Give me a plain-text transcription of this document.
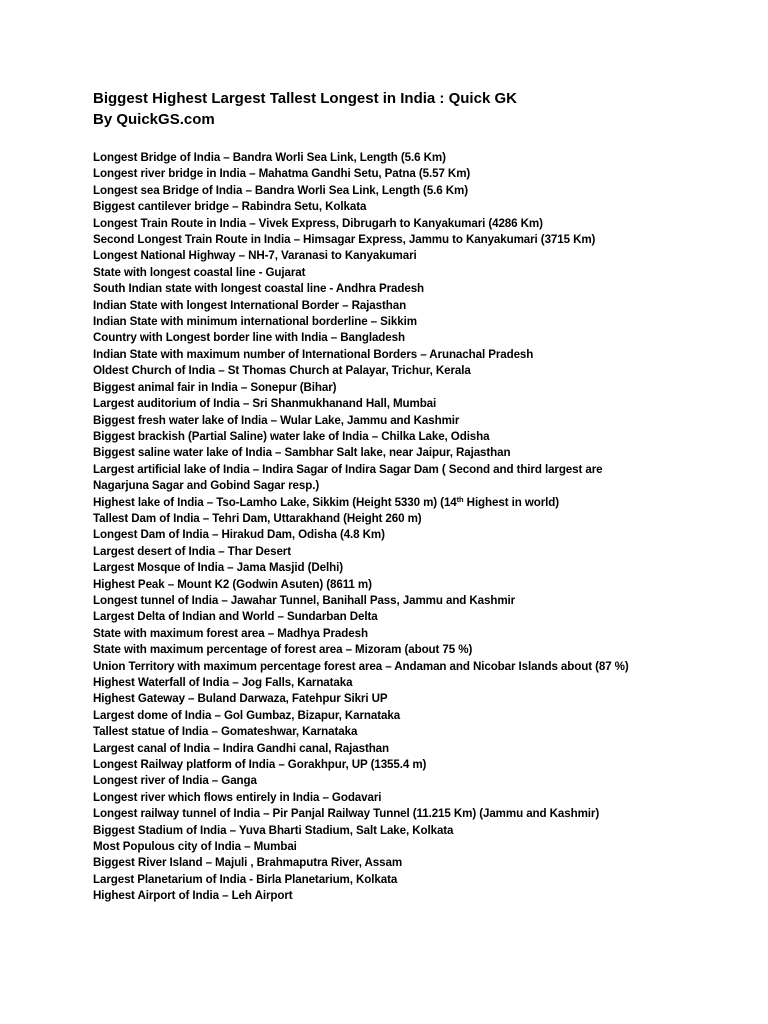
Biggest Highest Largest Tallest Longest in India : Quick GK
By QuickGS.com
Longest Bridge of India – Bandra Worli Sea Link, Length (5.6 Km)
Longest river bridge in India – Mahatma Gandhi Setu, Patna (5.57 Km)
Longest sea Bridge of India – Bandra Worli Sea Link, Length (5.6 Km)
Biggest cantilever bridge – Rabindra Setu, Kolkata
Longest Train Route in India – Vivek Express, Dibrugarh to Kanyakumari (4286 Km)
Second Longest Train Route in India – Himsagar Express, Jammu to Kanyakumari (3715 Km)
Longest National Highway – NH-7, Varanasi to Kanyakumari
State with longest coastal line - Gujarat
South Indian state with longest coastal line - Andhra Pradesh
Indian State with longest International Border – Rajasthan
Indian State with minimum international borderline – Sikkim
Country with Longest border line with India – Bangladesh
Indian State with maximum number of International Borders – Arunachal Pradesh
Oldest Church of India – St Thomas Church at Palayar, Trichur, Kerala
Biggest animal fair in India – Sonepur (Bihar)
Largest auditorium of India – Sri Shanmukhanand Hall, Mumbai
Biggest fresh water lake of India – Wular Lake, Jammu and Kashmir
Biggest brackish (Partial Saline) water lake of India – Chilka Lake, Odisha
Biggest saline water lake of India – Sambhar Salt lake, near Jaipur, Rajasthan
Largest artificial lake of India – Indira Sagar of Indira Sagar Dam ( Second and third largest are
Nagarjuna Sagar and Gobind Sagar resp.)
Highest lake of India – Tso-Lamho Lake, Sikkim (Height 5330 m) (14th Highest in world)
Tallest Dam of India – Tehri Dam, Uttarakhand (Height 260 m)
Longest Dam of India – Hirakud Dam, Odisha (4.8 Km)
Largest desert of India – Thar Desert
Largest Mosque of India – Jama Masjid (Delhi)
Highest Peak – Mount K2 (Godwin Asuten) (8611 m)
Longest tunnel of India – Jawahar Tunnel, Banihall Pass, Jammu and Kashmir
Largest Delta of Indian and World – Sundarban Delta
State with maximum forest area – Madhya Pradesh
State with maximum percentage of forest area – Mizoram (about 75 %)
Union Territory with maximum percentage forest area – Andaman and Nicobar Islands about (87 %)
Highest Waterfall of India – Jog Falls, Karnataka
Highest Gateway – Buland Darwaza, Fatehpur Sikri UP
Largest dome of India – Gol Gumbaz, Bizapur, Karnataka
Tallest statue of India – Gomateshwar, Karnataka
Largest canal of India – Indira Gandhi canal, Rajasthan
Longest Railway platform of India – Gorakhpur, UP (1355.4 m)
Longest river of India – Ganga
Longest river which flows entirely in India – Godavari
Longest railway tunnel of India – Pir Panjal Railway Tunnel (11.215 Km) (Jammu and Kashmir)
Biggest Stadium of India – Yuva Bharti Stadium, Salt Lake, Kolkata
Most Populous city of India – Mumbai
Biggest River Island – Majuli , Brahmaputra River, Assam
Largest Planetarium of India - Birla Planetarium, Kolkata
Highest Airport of India – Leh Airport
